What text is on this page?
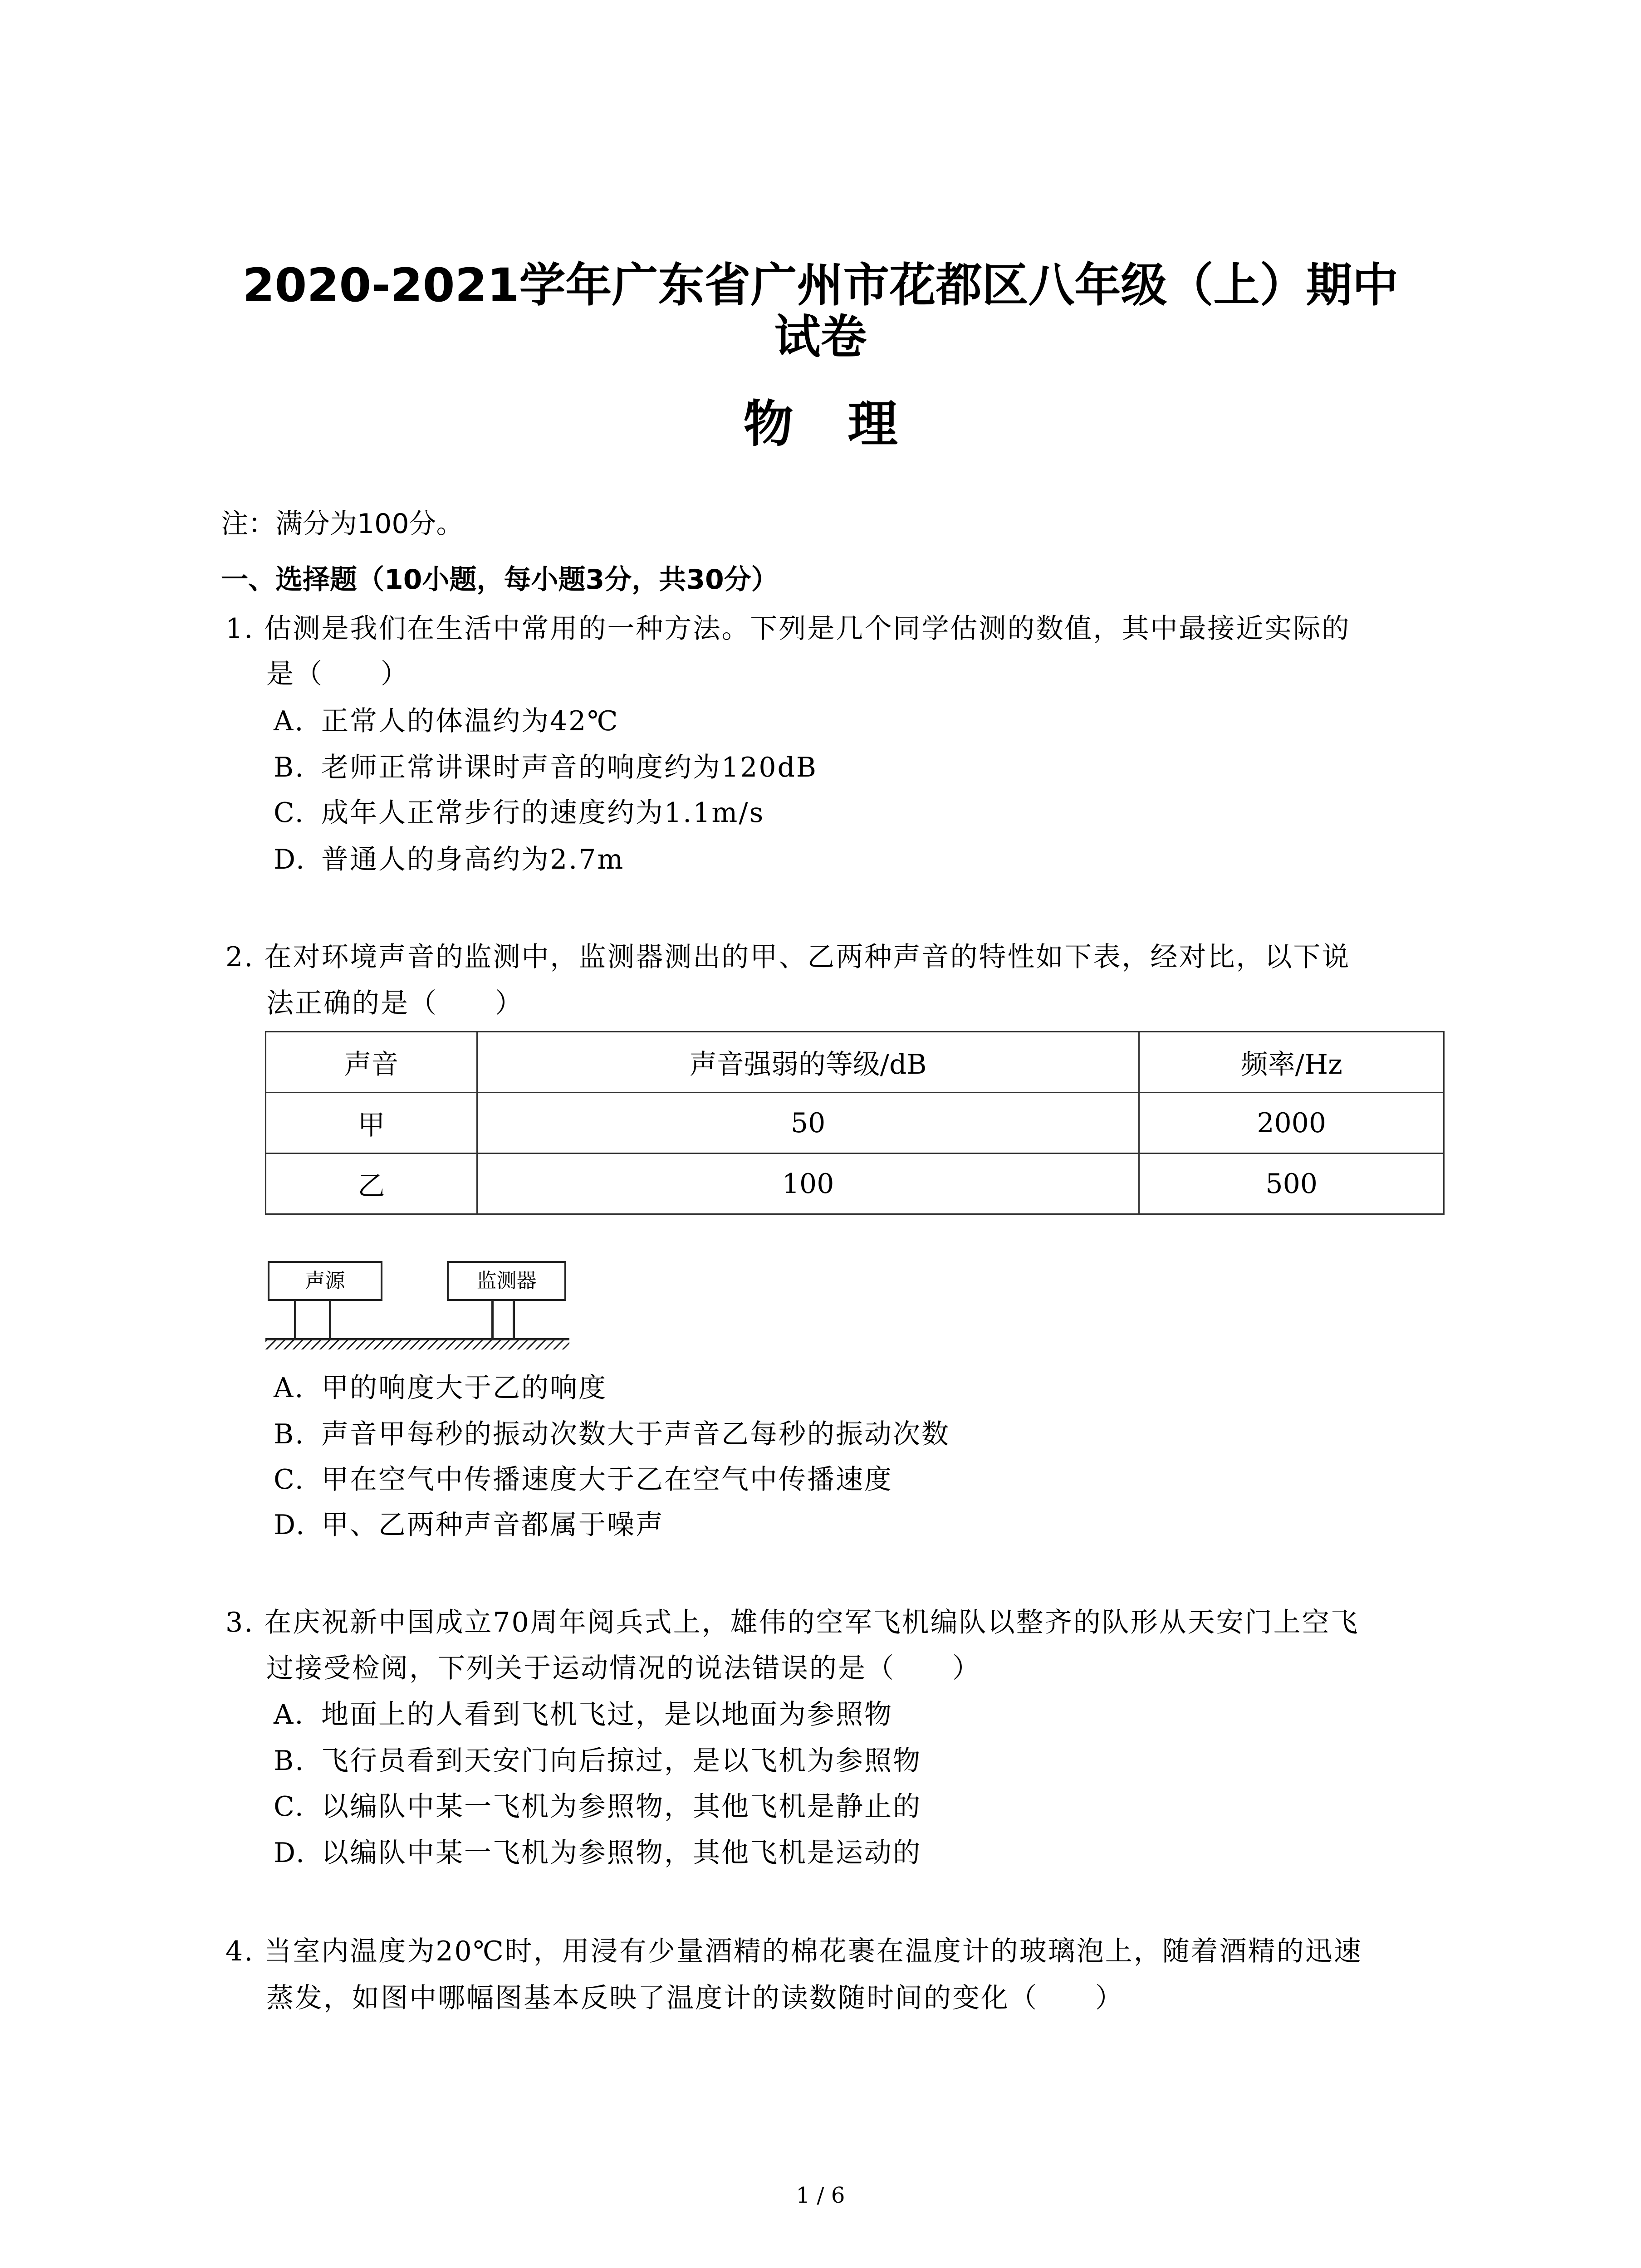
2020-2021学年广东省广州市花都区八年级（上）期中
试卷
物理
注：满分为100分。
一、选择题（10小题，每小题3分，共30分）
1. 估测是我们在生活中常用的一种方法。下列是几个同学估测的数值，其中最接近实际的
是（　　）
A. 正常人的体温约为42℃
B. 老师正常讲课时声音的响度约为120dB
C. 成年人正常步行的速度约为1.1m/s
D. 普通人的身高约为2.7m
2. 在对环境声音的监测中，监测器测出的甲、乙两种声音的特性如下表，经对比，以下说
法正确的是（　　）
声音	声音强弱的等级/dB	频率/Hz
甲	50	2000
乙	100	500
声源	监测器
A. 甲的响度大于乙的响度
B. 声音甲每秒的振动次数大于声音乙每秒的振动次数
C. 甲在空气中传播速度大于乙在空气中传播速度
D. 甲、乙两种声音都属于噪声
3. 在庆祝新中国成立70周年阅兵式上，雄伟的空军飞机编队以整齐的队形从天安门上空飞
过接受检阅，下列关于运动情况的说法错误的是（　　）
A. 地面上的人看到飞机飞过，是以地面为参照物
B. 飞行员看到天安门向后掠过，是以飞机为参照物
C. 以编队中某一飞机为参照物，其他飞机是静止的
D. 以编队中某一飞机为参照物，其他飞机是运动的
4. 当室内温度为20℃时，用浸有少量酒精的棉花裹在温度计的玻璃泡上，随着酒精的迅速
蒸发，如图中哪幅图基本反映了温度计的读数随时间的变化（　　）
1 / 6
